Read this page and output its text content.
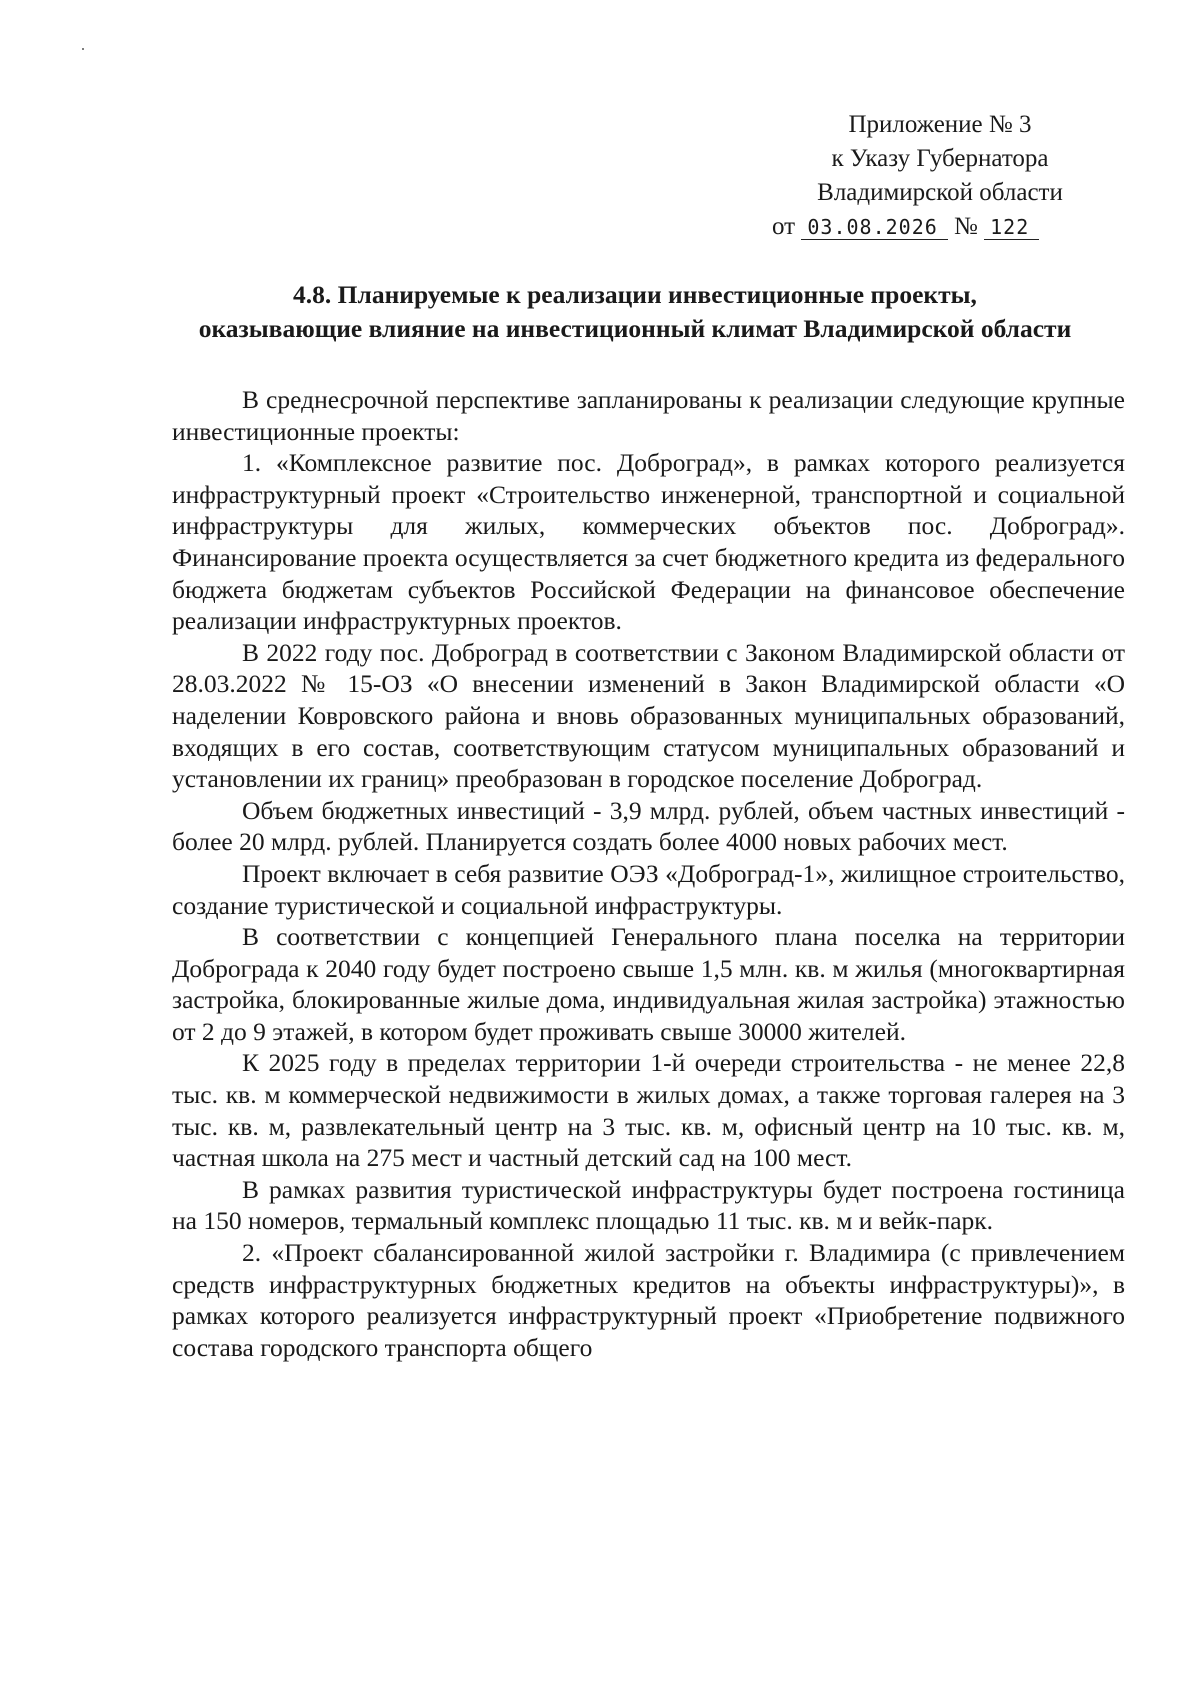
Приложение № 3
к Указу Губернатора
Владимирской области
от 03.08.2026 № 122
4.8. Планируемые к реализации инвестиционные проекты,
оказывающие влияние на инвестиционный климат Владимирской области

В среднесрочной перспективе запланированы к реализации следующие крупные инвестиционные проекты:

1. «Комплексное развитие пос. Доброград», в рамках которого реализуется инфраструктурный проект «Строительство инженерной, транспортной и социальной инфраструктуры для жилых, коммерческих объектов пос. Доброград». Финансирование проекта осуществляется за счет бюджетного кредита из федерального бюджета бюджетам субъектов Российской Федерации на финансовое обеспечение реализации инфраструктурных проектов.

В 2022 году пос. Доброград в соответствии с Законом Владимирской области от 28.03.2022 № 15-ОЗ «О внесении изменений в Закон Владимирской области «О наделении Ковровского района и вновь образованных муниципальных образований, входящих в его состав, соответствующим статусом муниципальных образований и установлении их границ» преобразован в городское поселение Доброград.

Объем бюджетных инвестиций - 3,9 млрд. рублей, объем частных инвестиций - более 20 млрд. рублей. Планируется создать более 4000 новых рабочих мест.

Проект включает в себя развитие ОЭЗ «Доброград-1», жилищное строительство, создание туристической и социальной инфраструктуры.

В соответствии с концепцией Генерального плана поселка на территории Доброграда к 2040 году будет построено свыше 1,5 млн. кв. м жилья (многоквартирная застройка, блокированные жилые дома, индивидуальная жилая застройка) этажностью от 2 до 9 этажей, в котором будет проживать свыше 30000 жителей.

К 2025 году в пределах территории 1-й очереди строительства - не менее 22,8 тыс. кв. м коммерческой недвижимости в жилых домах, а также торговая галерея на 3 тыс. кв. м, развлекательный центр на 3 тыс. кв. м, офисный центр на 10 тыс. кв. м, частная школа на 275 мест и частный детский сад на 100 мест.

В рамках развития туристической инфраструктуры будет построена гостиница на 150 номеров, термальный комплекс площадью 11 тыс. кв. м и вейк-парк.

2. «Проект сбалансированной жилой застройки г. Владимира (с привлечением средств инфраструктурных бюджетных кредитов на объекты инфраструктуры)», в рамках которого реализуется инфраструктурный проект «Приобретение подвижного состава городского транспорта общего
